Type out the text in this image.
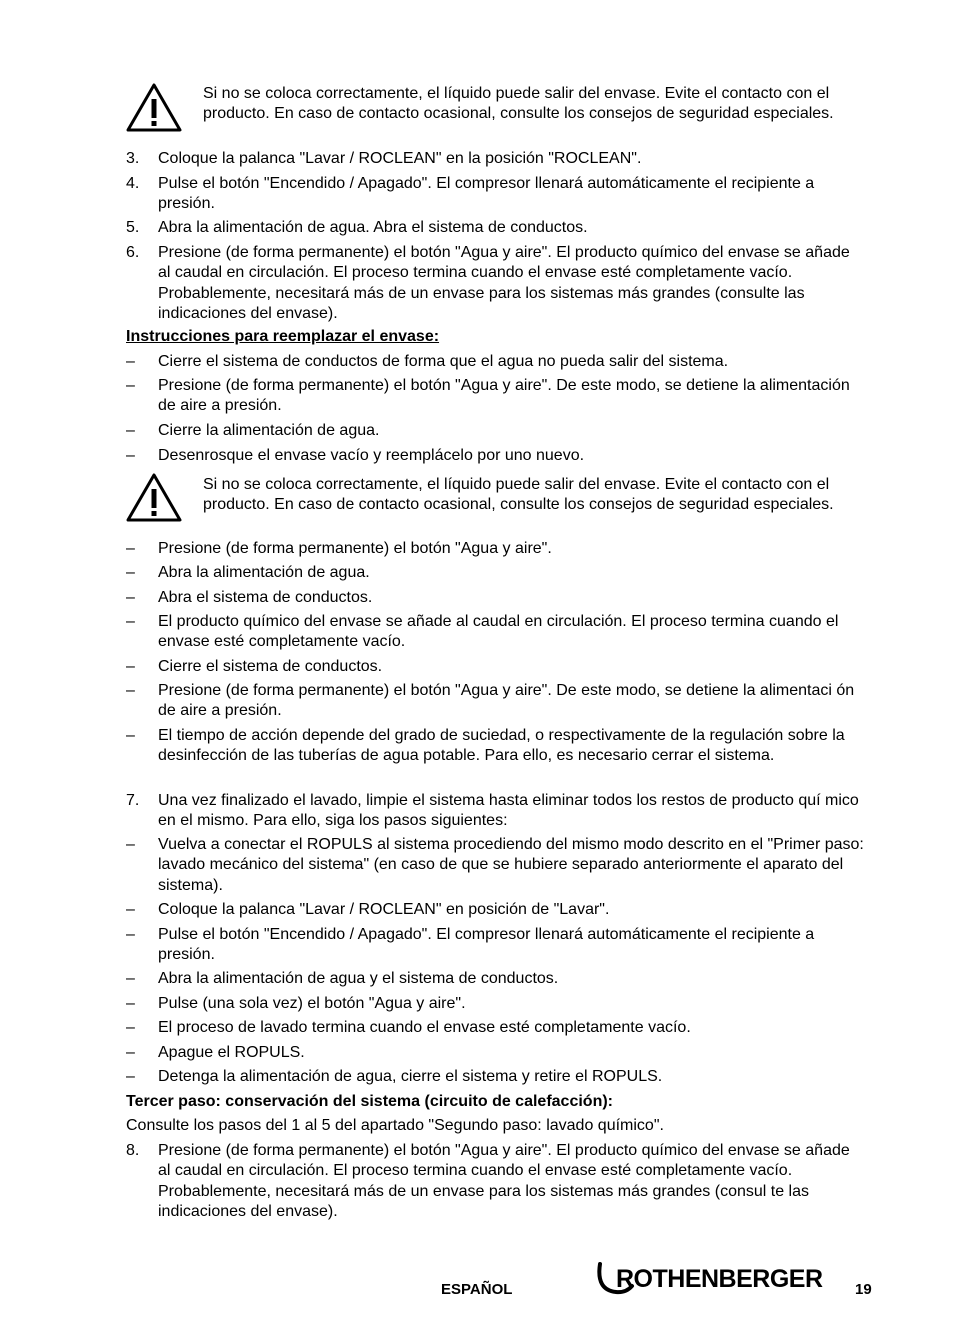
Si no se coloca correctamente, el líquido puede salir del envase. Evite el contacto con el producto. En caso de contacto ocasional, consulte los consejos de seguridad especiales.
3.	Coloque la palanca "Lavar / ROCLEAN" en la posición "ROCLEAN".
4.	Pulse el botón "Encendido / Apagado". El compresor llenará automáticamente el recipiente a presión.
5.	Abra la alimentación de agua. Abra el sistema de conductos.
6.	Presione (de forma permanente) el botón "Agua y aire". El producto químico del envase se añade al caudal en circulación. El proceso termina cuando el envase esté completamente vacío. Probablemente, necesitará más de un envase para los sistemas más grandes (consulte las indicaciones del envase).
Instrucciones para reemplazar el envase:
–	Cierre el sistema de conductos de forma que el agua no pueda salir del sistema.
–	Presione (de forma permanente) el botón "Agua y aire". De este modo, se detiene la alimentación de aire a presión.
–	Cierre la alimentación de agua.
–	Desenrosque el envase vacío y reemplácelo por uno nuevo.
Si no se coloca correctamente, el líquido puede salir del envase. Evite el contacto con el producto. En caso de contacto ocasional, consulte los consejos de seguridad especiales.
–	Presione (de forma permanente) el botón "Agua y aire".
–	Abra la alimentación de agua.
–	Abra el sistema de conductos.
–	El producto químico del envase se añade al caudal en circulación. El proceso termina cuando el envase esté completamente vacío.
–	Cierre el sistema de conductos.
–	Presione (de forma permanente) el botón "Agua y aire". De este modo, se detiene la alimentaci ón de aire a presión.
–	El tiempo de acción depende del grado de suciedad, o respectivamente de la regulación sobre la desinfección de las tuberías de agua potable. Para ello, es necesario cerrar el sistema.
7.	Una vez finalizado el lavado, limpie el sistema hasta eliminar todos los restos de producto quí mico en el mismo. Para ello, siga los pasos siguientes:
–	Vuelva a conectar el ROPULS al sistema procediendo del mismo modo descrito en el "Primer paso: lavado mecánico del sistema" (en caso de que se hubiere separado anteriormente el aparato del sistema).
–	Coloque la palanca "Lavar / ROCLEAN" en posición de "Lavar".
–	Pulse el botón "Encendido / Apagado". El compresor llenará automáticamente el recipiente a presión.
–	Abra la alimentación de agua y el sistema de conductos.
–	Pulse (una sola vez) el botón "Agua y aire".
–	El proceso de lavado termina cuando el envase esté completamente vacío.
–	Apague el ROPULS.
–	Detenga la alimentación de agua, cierre el sistema y retire el ROPULS.
Tercer paso: conservación del sistema (circuito de calefacción):
Consulte los pasos del 1 al 5 del apartado "Segundo paso: lavado químico".
8.	Presione (de forma permanente) el botón "Agua y aire". El producto químico del envase se añade al caudal en circulación. El proceso termina cuando el envase esté completamente vacío. Probablemente, necesitará más de un envase para los sistemas más grandes (consul te las indicaciones del envase).
ESPAÑOL	ROTHENBERGER 19
